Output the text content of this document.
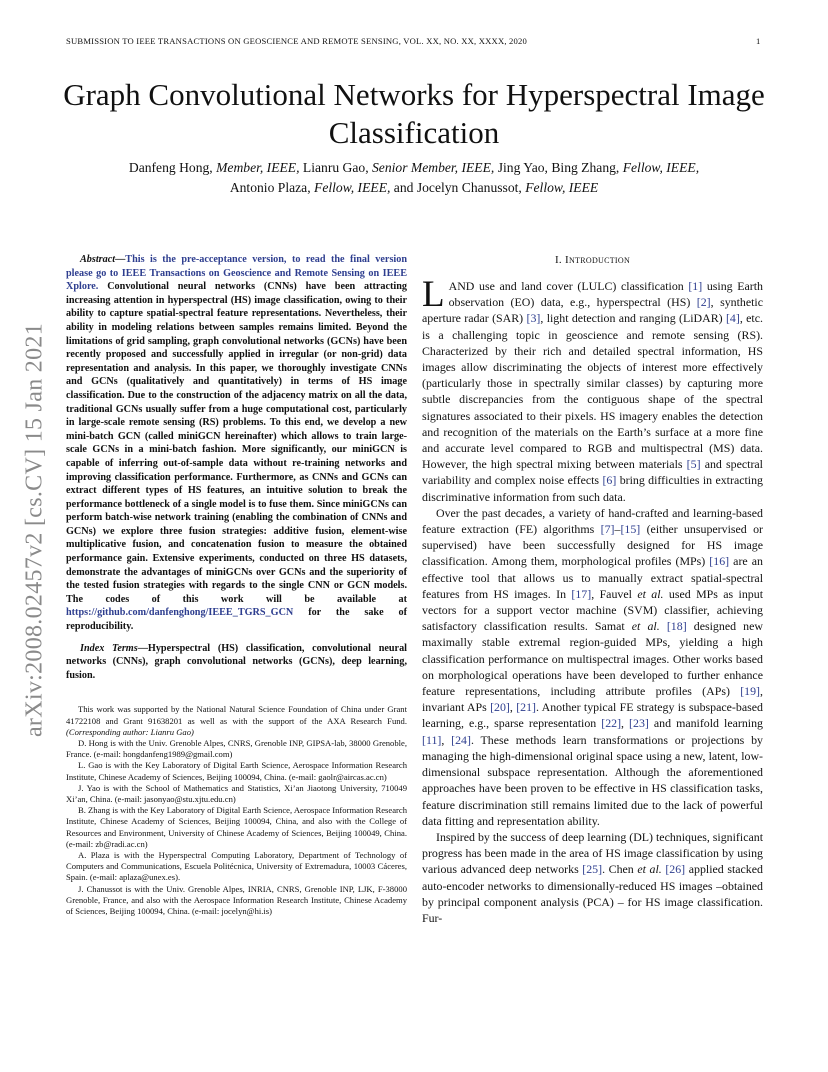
SUBMISSION TO IEEE TRANSACTIONS ON GEOSCIENCE AND REMOTE SENSING, VOL. XX, NO. XX, XXXX, 2020	1
Graph Convolutional Networks for Hyperspectral Image Classification
Danfeng Hong, Member, IEEE, Lianru Gao, Senior Member, IEEE, Jing Yao, Bing Zhang, Fellow, IEEE,
Antonio Plaza, Fellow, IEEE, and Jocelyn Chanussot, Fellow, IEEE
arXiv:2008.02457v2 [cs.CV] 15 Jan 2021

Abstract—This is the pre-acceptance version, to read the final version please go to IEEE Transactions on Geoscience and Remote Sensing on IEEE Xplore. Convolutional neural networks (CNNs) have been attracting increasing attention in hyperspectral (HS) image classification, owing to their ability to capture spatial-spectral feature representations. Nevertheless, their ability in modeling relations between samples remains limited. Beyond the limitations of grid sampling, graph convolutional networks (GCNs) have been recently proposed and successfully applied in irregular (or non-grid) data representation and analysis. In this paper, we thoroughly investigate CNNs and GCNs (qualitatively and quantitatively) in terms of HS image classification. Due to the construction of the adjacency matrix on all the data, traditional GCNs usually suffer from a huge computational cost, particularly in large-scale remote sensing (RS) problems. To this end, we develop a new mini-batch GCN (called miniGCN hereinafter) which allows to train large-scale GCNs in a mini-batch fashion. More significantly, our miniGCN is capable of inferring out-of-sample data without re-training networks and improving classification performance. Furthermore, as CNNs and GCNs can extract different types of HS features, an intuitive solution to break the performance bottleneck of a single model is to fuse them. Since miniGCNs can perform batch-wise network training (enabling the combination of CNNs and GCNs) we explore three fusion strategies: additive fusion, element-wise multiplicative fusion, and concatenation fusion to measure the obtained performance gain. Extensive experiments, conducted on three HS datasets, demonstrate the advantages of miniGCNs over GCNs and the superiority of the tested fusion strategies with regards to the single CNN or GCN models. The codes of this work will be available at https://github.com/danfenghong/IEEE_TGRS_GCN for the sake of reproducibility.

Index Terms—Hyperspectral (HS) classification, convolutional neural networks (CNNs), graph convolutional networks (GCNs), deep learning, fusion.

This work was supported by the National Natural Science Foundation of China under Grant 41722108 and Grant 91638201 as well as with the support of the AXA Research Fund. (Corresponding author: Lianru Gao)

D. Hong is with the Univ. Grenoble Alpes, CNRS, Grenoble INP, GIPSA-lab, 38000 Grenoble, France. (e-mail: hongdanfeng1989@gmail.com)

L. Gao is with the Key Laboratory of Digital Earth Science, Aerospace Information Research Institute, Chinese Academy of Sciences, Beijing 100094, China. (e-mail: gaolr@aircas.ac.cn)

J. Yao is with the School of Mathematics and Statistics, Xi’an Jiaotong University, 710049 Xi’an, China. (e-mail: jasonyao@stu.xjtu.edu.cn)

B. Zhang is with the Key Laboratory of Digital Earth Science, Aerospace Information Research Institute, Chinese Academy of Sciences, Beijing 100094, China, and also with the College of Resources and Environment, University of Chinese Academy of Sciences, Beijing 100049, China. (e-mail: zb@radi.ac.cn)

A. Plaza is with the Hyperspectral Computing Laboratory, Department of Technology of Computers and Communications, Escuela Politécnica, University of Extremadura, 10003 Cáceres, Spain. (e-mail: aplaza@unex.es).

J. Chanussot is with the Univ. Grenoble Alpes, INRIA, CNRS, Grenoble INP, LJK, F-38000 Grenoble, France, and also with the Aerospace Information Research Institute, Chinese Academy of Sciences, Beijing 100094, China. (e-mail: jocelyn@hi.is)

I. Introduction

LAND use and land cover (LULC) classification [1] using Earth observation (EO) data, e.g., hyperspectral (HS) [2], synthetic aperture radar (SAR) [3], light detection and ranging (LiDAR) [4], etc. is a challenging topic in geoscience and remote sensing (RS). Characterized by their rich and detailed spectral information, HS images allow discriminating the objects of interest more effectively (particularly those in spectrally similar classes) by capturing more subtle discrepancies from the contiguous shape of the spectral signatures associated to their pixels. HS imagery enables the detection and recognition of the materials on the Earth’s surface at a more fine and accurate level compared to RGB and multispectral (MS) data. However, the high spectral mixing between materials [5] and spectral variability and complex noise effects [6] bring difficulties in extracting discriminative information from such data.

Over the past decades, a variety of hand-crafted and learning-based feature extraction (FE) algorithms [7]–[15] (either unsupervised or supervised) have been successfully designed for HS image classification. Among them, morphological profiles (MPs) [16] are an effective tool that allows us to manually extract spatial-spectral features from HS images. In [17], Fauvel et al. used MPs as input vectors for a support vector machine (SVM) classifier, achieving satisfactory classification results. Samat et al. [18] designed new maximally stable extremal region-guided MPs, yielding a high classification performance on multispectral images. Other works based on morphological operations have been developed to further enhance feature representations, including attribute profiles (APs) [19], invariant APs [20], [21]. Another typical FE strategy is subspace-based learning, e.g., sparse representation [22], [23] and manifold learning [11], [24]. These methods learn transformations or projections by managing the high-dimensional original space using a new, latent, low-dimensional subspace representation. Although the aforementioned approaches have been proven to be effective in HS classification tasks, feature discrimination still remains limited due to the lack of powerful data fitting and representation ability.

Inspired by the success of deep learning (DL) techniques, significant progress has been made in the area of HS image classification by using various advanced deep networks [25]. Chen et al. [26] applied stacked auto-encoder networks to dimensionally-reduced HS images –obtained by principal component analysis (PCA) – for HS image classification. Fur-
